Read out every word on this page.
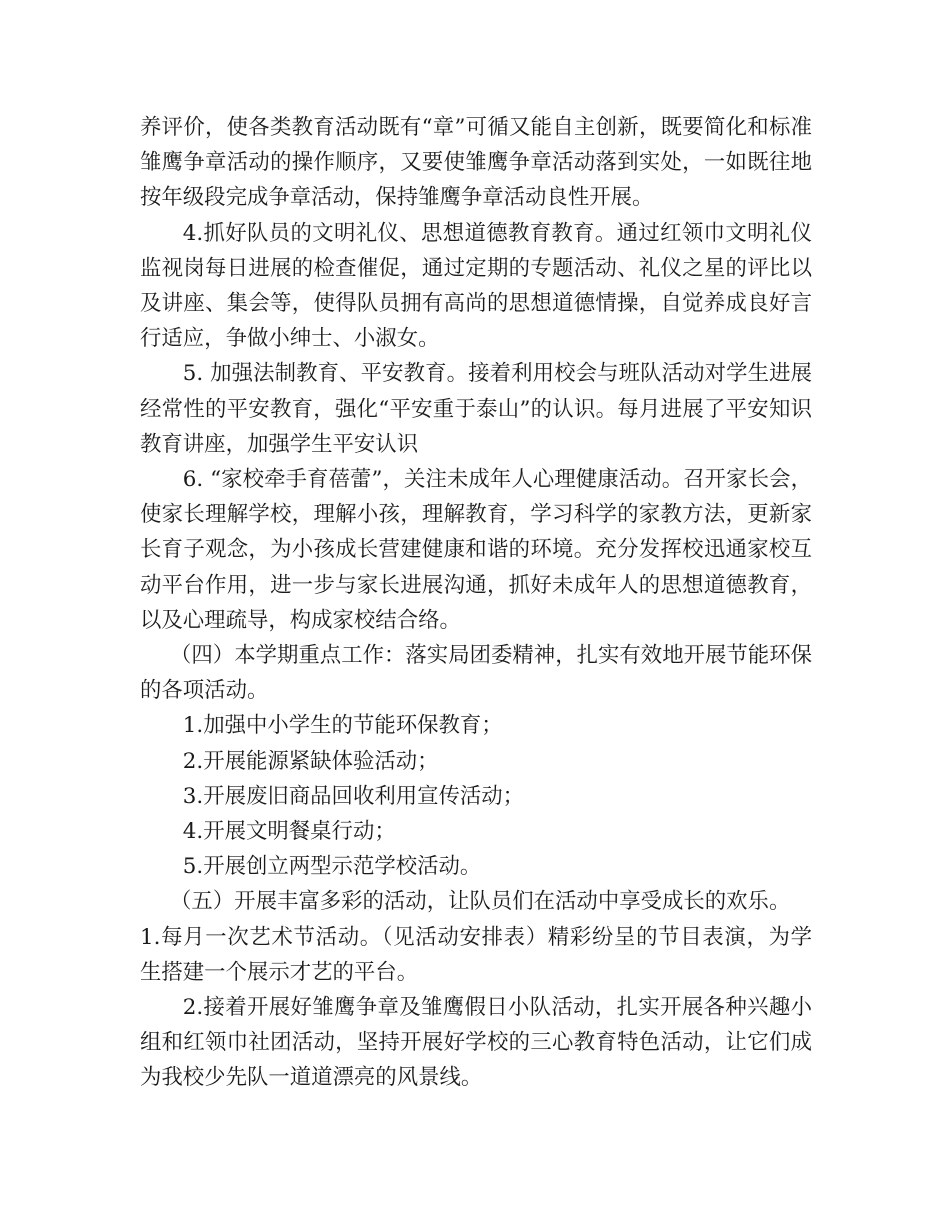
养评价，使各类教育活动既有“章”可循又能自主创新，既要简化和标准雏鹰争章活动的操作顺序，又要使雏鹰争章活动落到实处，一如既往地按年级段完成争章活动，保持雏鹰争章活动良性开展。

4.抓好队员的文明礼仪、思想道德教育教育。通过红领巾文明礼仪监视岗每日进展的检查催促，通过定期的专题活动、礼仪之星的评比以及讲座、集会等，使得队员拥有高尚的思想道德情操，自觉养成良好言行适应，争做小绅士、小淑女。

5. 加强法制教育、平安教育。接着利用校会与班队活动对学生进展经常性的平安教育，强化“平安重于泰山”的认识。每月进展了平安知识教育讲座，加强学生平安认识

6. “家校牵手育蓓蕾”，关注未成年人心理健康活动。召开家长会，使家长理解学校，理解小孩，理解教育，学习科学的家教方法，更新家长育子观念，为小孩成长营建健康和谐的环境。充分发挥校迅通家校互动平台作用，进一步与家长进展沟通，抓好未成年人的思想道德教育，以及心理疏导，构成家校结合络。

（四）本学期重点工作：落实局团委精神，扎实有效地开展节能环保的各项活动。

1.加强中小学生的节能环保教育；

2.开展能源紧缺体验活动；

3.开展废旧商品回收利用宣传活动；

4.开展文明餐桌行动；

5.开展创立两型示范学校活动。

（五）开展丰富多彩的活动，让队员们在活动中享受成长的欢乐。

1.每月一次艺术节活动。（见活动安排表）精彩纷呈的节目表演，为学生搭建一个展示才艺的平台。

2.接着开展好雏鹰争章及雏鹰假日小队活动，扎实开展各种兴趣小组和红领巾社团活动，坚持开展好学校的三心教育特色活动，让它们成为我校少先队一道道漂亮的风景线。
